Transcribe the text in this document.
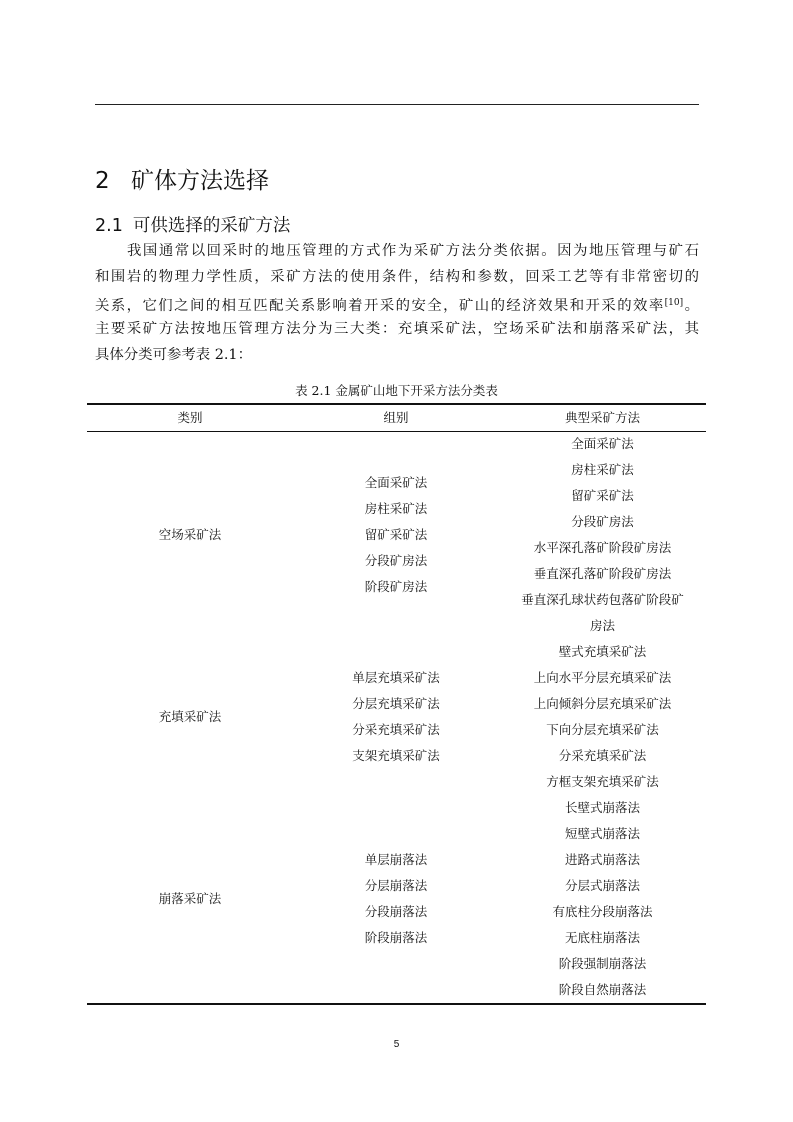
2 矿体方法选择
2.1 可供选择的采矿方法
我国通常以回采时的地压管理的方式作为采矿方法分类依据。因为地压管理与矿石
和围岩的物理力学性质，采矿方法的使用条件，结构和参数，回采工艺等有非常密切的
关系，它们之间的相互匹配关系影响着开采的安全，矿山的经济效果和开采的效率[10]。
主要采矿方法按地压管理方法分为三大类：充填采矿法，空场采矿法和崩落采矿法，其
具体分类可参考表 2.1：
表 2.1 金属矿山地下开采方法分类表
类别	组别	典型采矿方法
空场采矿法
全面采矿法
房柱采矿法
留矿采矿法
分段矿房法
阶段矿房法
全面采矿法
房柱采矿法
留矿采矿法
分段矿房法
水平深孔落矿阶段矿房法
垂直深孔落矿阶段矿房法
垂直深孔球状药包落矿阶段矿
房法
充填采矿法
单层充填采矿法
分层充填采矿法
分采充填采矿法
支架充填采矿法
壁式充填采矿法
上向水平分层充填采矿法
上向倾斜分层充填采矿法
下向分层充填采矿法
分采充填采矿法
方框支架充填采矿法
崩落采矿法
单层崩落法
分层崩落法
分段崩落法
阶段崩落法
长壁式崩落法
短壁式崩落法
进路式崩落法
分层式崩落法
有底柱分段崩落法
无底柱崩落法
阶段强制崩落法
阶段自然崩落法
5
